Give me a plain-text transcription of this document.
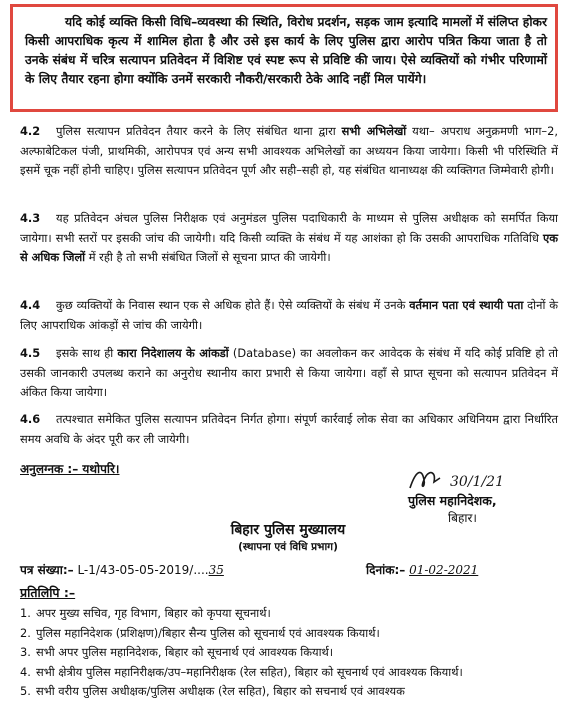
यदि कोई व्यक्ति किसी विधि–व्यवस्था की स्थिति, विरोध प्रदर्शन, सड़क जाम इत्यादि मामलों में संलिप्त होकर किसी आपराधिक कृत्य में शामिल होता है और उसे इस कार्य के लिए पुलिस द्वारा आरोप पत्रित किया जाता है तो उनके संबंध में चरित्र सत्यापन प्रतिवेदन में विशिष्ट एवं स्पष्ट रूप से प्रविष्टि की जाय। ऐसे व्यक्तियों को गंभीर परिणामों के लिए तैयार रहना होगा क्योंकि उनमें सरकारी नौकरी/सरकारी ठेके आदि नहीं मिल पायेंगे।

4.2 पुलिस सत्यापन प्रतिवेदन तैयार करने के लिए संबंधित थाना द्वारा सभी अभिलेखों यथा– अपराध अनुक्रमणी भाग–2, अल्फाबेटिकल पंजी, प्राथमिकी, आरोपपत्र एवं अन्य सभी आवश्यक अभिलेखों का अध्ययन किया जायेगा। किसी भी परिस्थिति में इसमें चूक नहीं होनी चाहिए। पुलिस सत्यापन प्रतिवेदन पूर्ण और सही–सही हो, यह संबंधित थानाध्यक्ष की व्यक्तिगत जिम्मेवारी होगी।
4.3 यह प्रतिवेदन अंचल पुलिस निरीक्षक एवं अनुमंडल पुलिस पदाधिकारी के माध्यम से पुलिस अधीक्षक को समर्पित किया जायेगा। सभी स्तरों पर इसकी जांच की जायेगी। यदि किसी व्यक्ति के संबंध में यह आशंका हो कि उसकी आपराधिक गतिविधि एक से अधिक जिलों में रही है तो सभी संबंधित जिलों से सूचना प्राप्त की जायेगी।
4.4 कुछ व्यक्तियों के निवास स्थान एक से अधिक होते हैं। ऐसे व्यक्तियों के संबंध में उनके वर्तमान पता एवं स्थायी पता दोनों के लिए आपराधिक आंकड़ों से जांच की जायेगी।
4.5 इसके साथ ही कारा निदेशालय के आंकडों (Database) का अवलोकन कर आवेदक के संबंध में यदि कोई प्रविष्टि हो तो उसकी जानकारी उपलब्ध कराने का अनुरोध स्थानीय कारा प्रभारी से किया जायेगा। वहाँ से प्राप्त सूचना को सत्यापन प्रतिवेदन में अंकित किया जायेगा।
4.6 तत्पश्चात समेकित पुलिस सत्यापन प्रतिवेदन निर्गत होगा। संपूर्ण कार्रवाई लोक सेवा का अधिकार अधिनियम द्वारा निर्धारित समय अवधि के अंदर पूरी कर ली जायेगी।
अनुलग्नक :– यथोपरि।
30/1/21
पुलिस महानिदेशक,
बिहार।
बिहार पुलिस मुख्यालय
(स्थापना एवं विधि प्रभाग)
पत्र संख्या:– L-1/43-05-05-2019/....35	दिनांक:– 01-02-2021
प्रतिलिपि :–
1. अपर मुख्य सचिव, गृह विभाग, बिहार को कृपया सूचनार्थ।
2. पुलिस महानिदेशक (प्रशिक्षण)/बिहार सैन्य पुलिस को सूचनार्थ एवं आवश्यक कियार्थ।
3. सभी अपर पुलिस महानिदेशक, बिहार को सूचनार्थ एवं आवश्यक कियार्थ।
4. सभी क्षेत्रीय पुलिस महानिरीक्षक/उप–महानिरीक्षक (रेल सहित), बिहार को सूचनार्थ एवं आवश्यक कियार्थ।
5. सभी वरीय पुलिस अधीक्षक/पुलिस अधीक्षक (रेल सहित), बिहार को सचनार्थ एवं आवश्यक
